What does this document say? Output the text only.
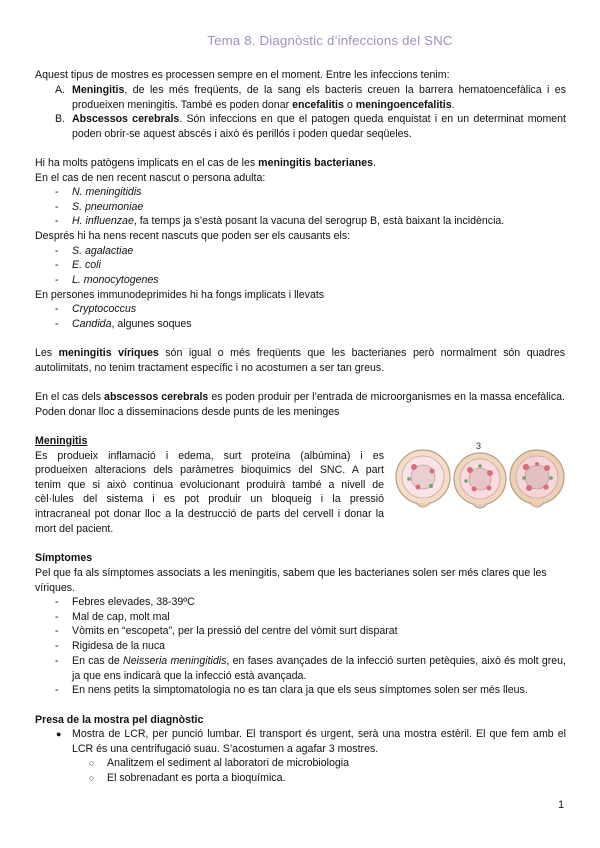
Tema 8. Diagnòstic d’infeccions del SNC
Aquest tipus de mostres es processen sempre en el moment. Entre les infeccions tenim:
A. Meningitis, de les més freqüents, de la sang els bacteris creuen la barrera hematoencefàlica i es produeixen meningitis. També es poden donar encefalitis o meningoencefalitis.
B. Abscessos cerebrals. Són infeccions en que el patogen queda enquistat i en un determinat moment poden obrir-se aquest abscés i això és perillós i poden quedar seqüeles.
Hi ha molts patògens implicats en el cas de les meningitis bacterianes.
En el cas de nen recent nascut o persona adulta:
- N. meningitidis
- S. pneumoniae
- H. influenzae, fa temps ja s’està posant la vacuna del serogrup B, està baixant la incidència.
Després hi ha nens recent nascuts que poden ser els causants els:
- S. agalactiae
- E. coli
- L. monocytogenes
En persones immunodeprimides hi ha fongs implicats i llevats
- Cryptococcus
- Candida, algunes soques
Les meningitis víriques són igual o més freqüents que les bacterianes però normalment són quadres autolimitats, no tenim tractament específic i no acostumen a ser tan greus.
En el cas dels abscessos cerebrals es poden produir per l’entrada de microorganismes en la massa encefàlica. Poden donar lloc a disseminacions desde punts de les meninges
Meningitis
Es produeix inflamació i edema, surt proteïna (albúmina) i es
produeixen alteracions dels paràmetres bioquimics del SNC. A part
tenim que si això continua evolucionant produirà també a nivell de
cèl·lules del sistema i es pot produir un bloqueig i la pressió
intracraneal pot donar lloc a la destrucció de parts del cervell i donar la
mort del pacient.
3
Símptomes
Pel que fa als símptomes associats a les meningitis, sabem que les bacterianes solen ser més clares que les víriques.
- Febres elevades, 38-39ºC
- Mal de cap, molt mal
- Vòmits en “escopeta”, per la pressió del centre del vòmit surt disparat
- Rigidesa de la nuca
- En cas de Neisseria meningitidis, en fases avançades de la infecció surten petèquies, això és molt greu, ja que ens indicarà que la infecció està avançada.
- En nens petits la simptomatologia no es tan clara ja que els seus símptomes solen ser més lleus.
Presa de la mostra pel diagnòstic
● Mostra de LCR, per punció lumbar. El transport és urgent, serà una mostra estèril. El que fem amb el LCR és una centrifugació suau. S’acostumen a agafar 3 mostres.
○ Analitzem el sediment al laboratori de microbiologia
○ El sobrenadant es porta a bioquímica.
1
